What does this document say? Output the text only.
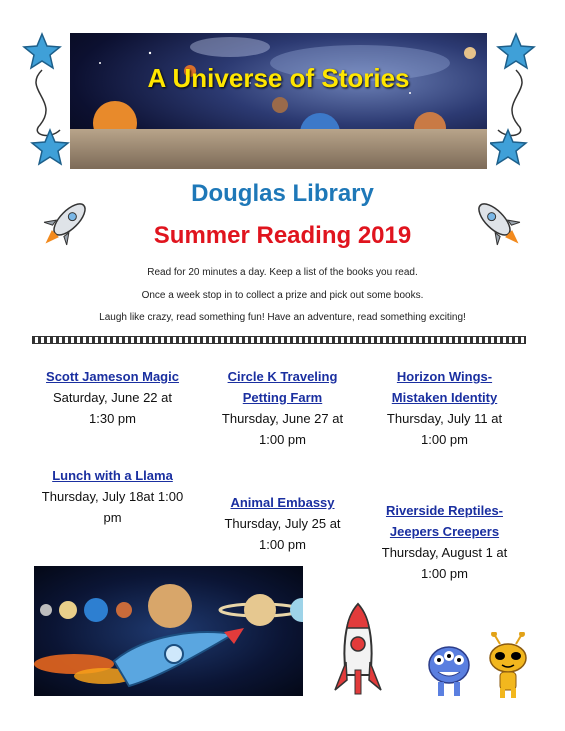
A Universe of Stories
Douglas Library
Summer Reading 2019
Read for 20 minutes a day. Keep a list of the books you read.
Once a week stop in to collect a prize and pick out some books.
Laugh like crazy, read something fun! Have an adventure, read something exciting!
Scott Jameson Magic
Saturday, June 22 at
1:30 pm
Lunch with a Llama
Thursday, July 18at 1:00
pm
Circle K Traveling
Petting Farm
Thursday, June 27 at
1:00 pm
Animal Embassy
Thursday, July 25 at
1:00 pm
Horizon Wings-
Mistaken Identity
Thursday, July 11 at
1:00 pm
Riverside Reptiles-
Jeepers Creepers
Thursday, August 1 at
1:00 pm
